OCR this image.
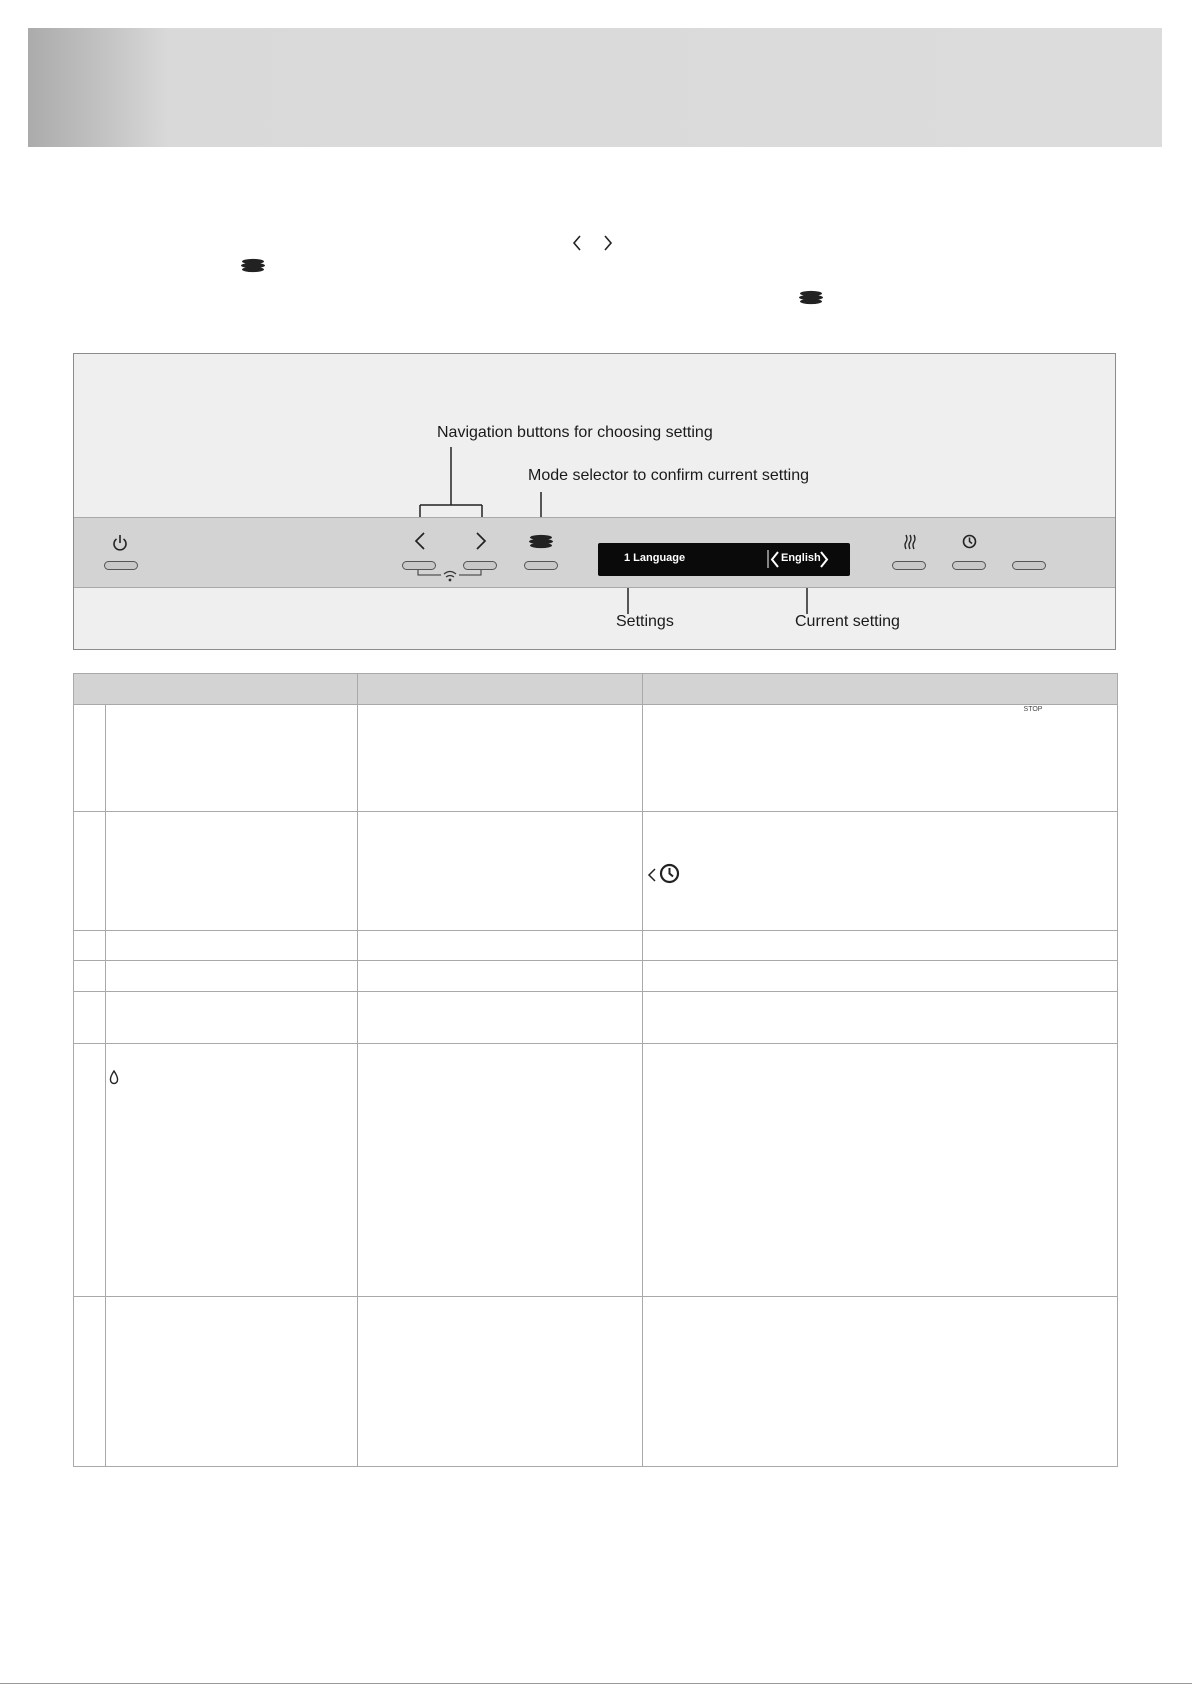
Navigation buttons for choosing setting
Mode selector to confirm current setting
STOP
1 Language	English
Settings	Current setting
